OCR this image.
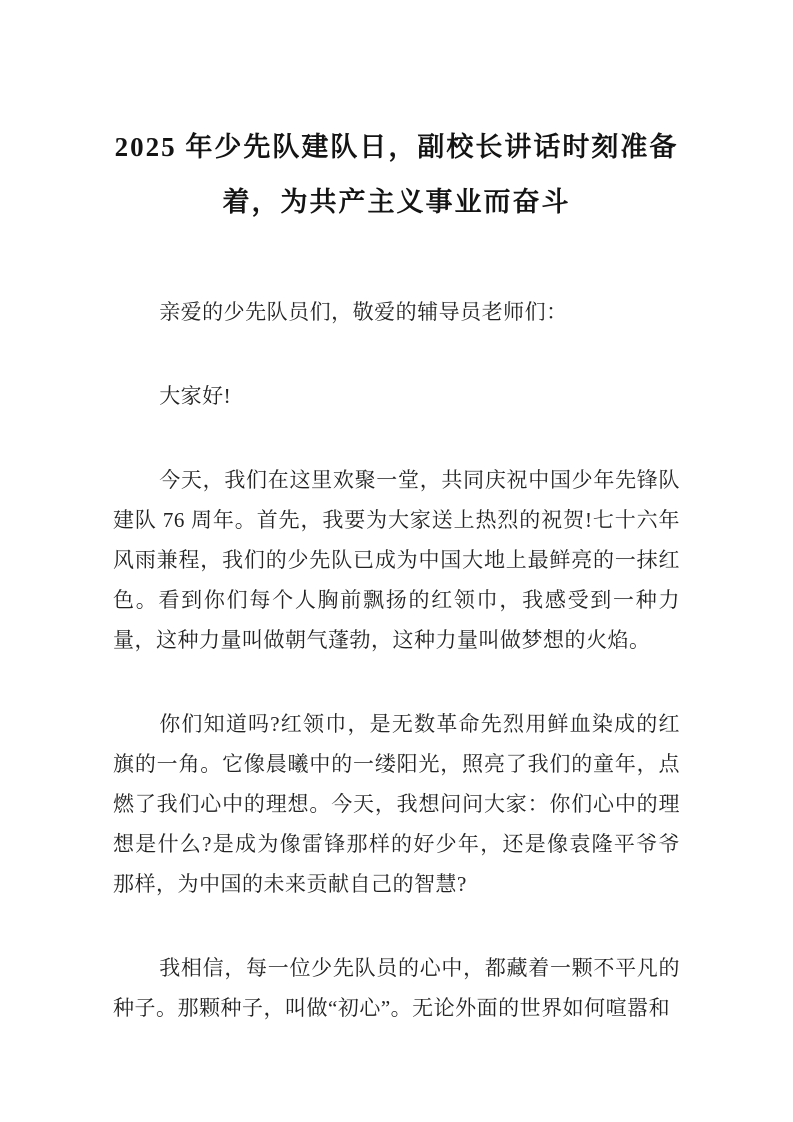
2025 年少先队建队日，副校长讲话时刻准备
着，为共产主义事业而奋斗

亲爱的少先队员们，敬爱的辅导员老师们：

大家好!

今天，我们在这里欢聚一堂，共同庆祝中国少年先锋队建队 76 周年。首先，我要为大家送上热烈的祝贺!七十六年风雨兼程，我们的少先队已成为中国大地上最鲜亮的一抹红色。看到你们每个人胸前飘扬的红领巾，我感受到一种力量，这种力量叫做朝气蓬勃，这种力量叫做梦想的火焰。

你们知道吗?红领巾，是无数革命先烈用鲜血染成的红旗的一角。它像晨曦中的一缕阳光，照亮了我们的童年，点燃了我们心中的理想。今天，我想问问大家：你们心中的理想是什么?是成为像雷锋那样的好少年，还是像袁隆平爷爷那样，为中国的未来贡献自己的智慧?

我相信，每一位少先队员的心中，都藏着一颗不平凡的种子。那颗种子，叫做“初心”。无论外面的世界如何喧嚣和
